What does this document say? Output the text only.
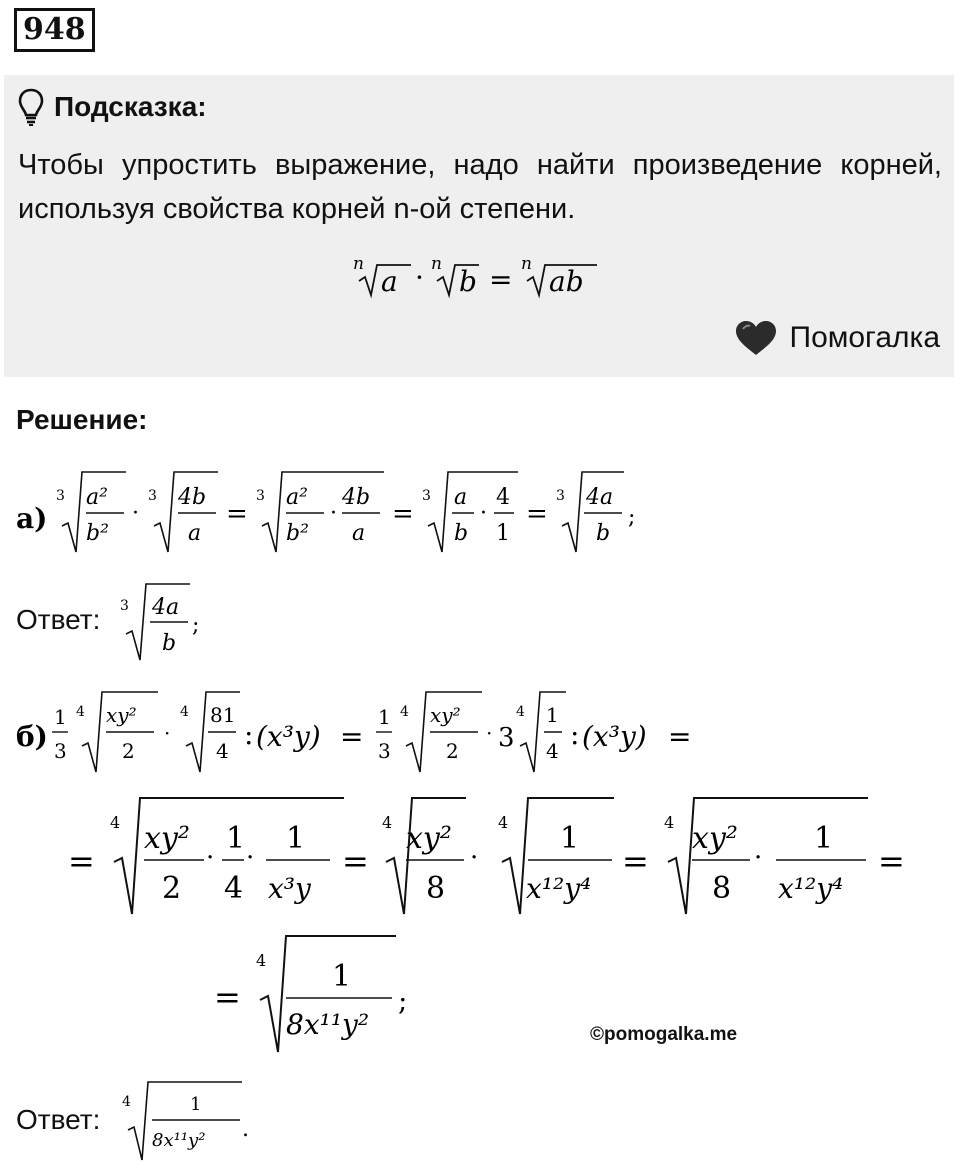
948
Подсказка:
Чтобы упростить выражение, надо найти произведение корней, используя свойства корней n-ой степени.
n
a · n
b = n
ab
Помогалка
Решение:
а)
3 a²
b²
·
3 4b
a
=
3 a²
b²
·
4b
a
=
3 a
b
·
4
1
=
3 4a
b
;
Ответ: 3 4a
b
;
б)
1
3
4 xy²
2
·
4 81
4 : (x³y) =
1
3
4 xy²
2
· 3
4 1
4 : (x³y) =
=
4 xy²
2
·
1
4
·
1
x³y
=
4 xy²
8
·
4 1
x¹²y⁴
=
4 xy²
8
·
1
x¹²y⁴
=
=
4 1
8x¹¹y²
;
©pomogalka.me
Ответ:
4	1
8x¹¹y² .
